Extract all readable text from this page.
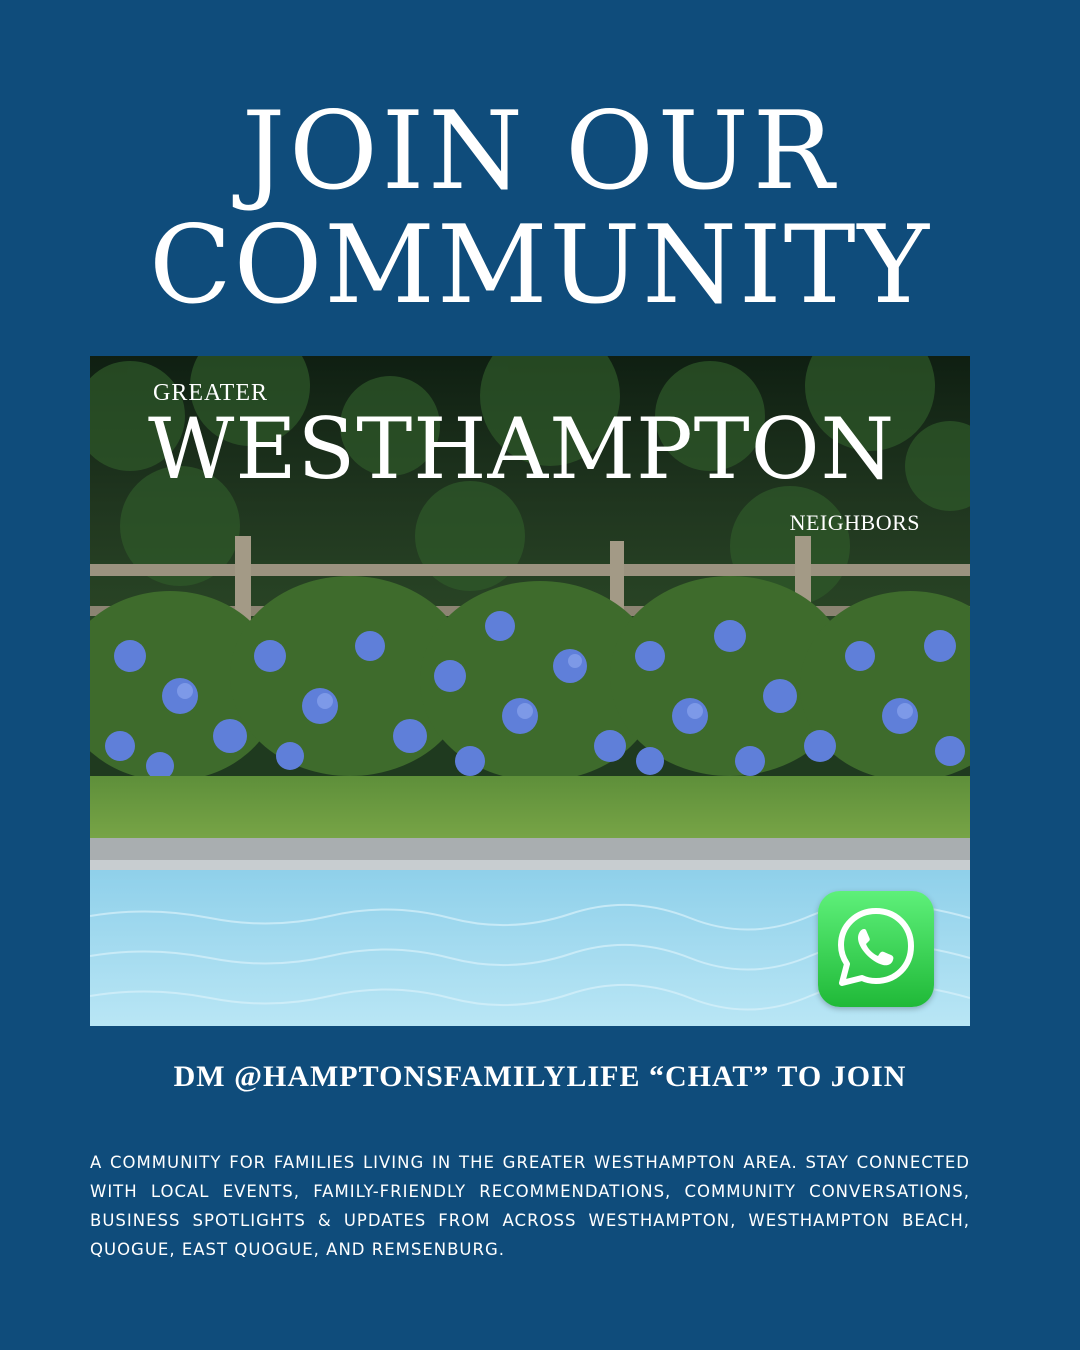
JOIN OUR
COMMUNITY
GREATER
WESTHAMPTON
NEIGHBORS
DM @HAMPTONSFAMILYLIFE “CHAT” TO JOIN

A COMMUNITY FOR FAMILIES LIVING IN THE GREATER WESTHAMPTON AREA. STAY CONNECTED WITH LOCAL EVENTS, FAMILY-FRIENDLY RECOMMENDATIONS, COMMUNITY CONVERSATIONS, BUSINESS SPOTLIGHTS & UPDATES FROM ACROSS WESTHAMPTON, WESTHAMPTON BEACH, QUOGUE, EAST QUOGUE, AND REMSENBURG.
